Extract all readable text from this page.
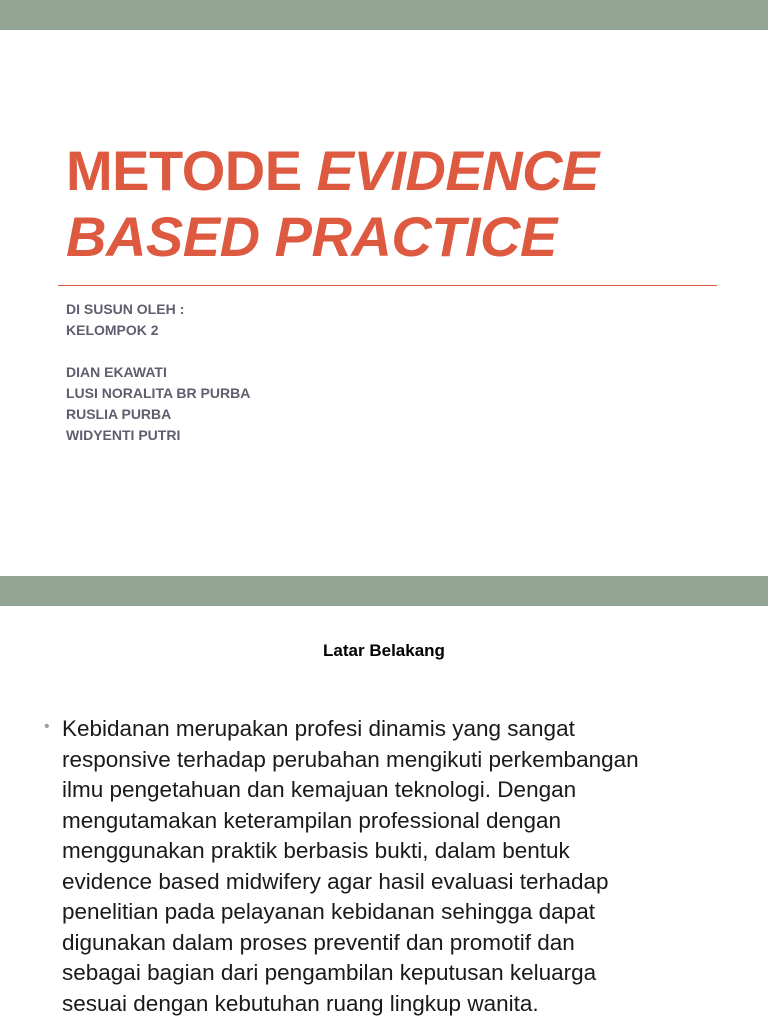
METODE EVIDENCE
BASED PRACTICE
DI SUSUN OLEH :
KELOMPOK 2
DIAN EKAWATI
LUSI NORALITA BR PURBA
RUSLIA PURBA
WIDYENTI PUTRI
Latar Belakang
• Kebidanan merupakan profesi dinamis yang sangat
responsive terhadap perubahan mengikuti perkembangan
ilmu pengetahuan dan kemajuan teknologi. Dengan
mengutamakan keterampilan professional dengan
menggunakan praktik berbasis bukti, dalam bentuk
evidence based midwifery agar hasil evaluasi terhadap
penelitian pada pelayanan kebidanan sehingga dapat
digunakan dalam proses preventif dan promotif dan
sebagai bagian dari pengambilan keputusan keluarga
sesuai dengan kebutuhan ruang lingkup wanita.
